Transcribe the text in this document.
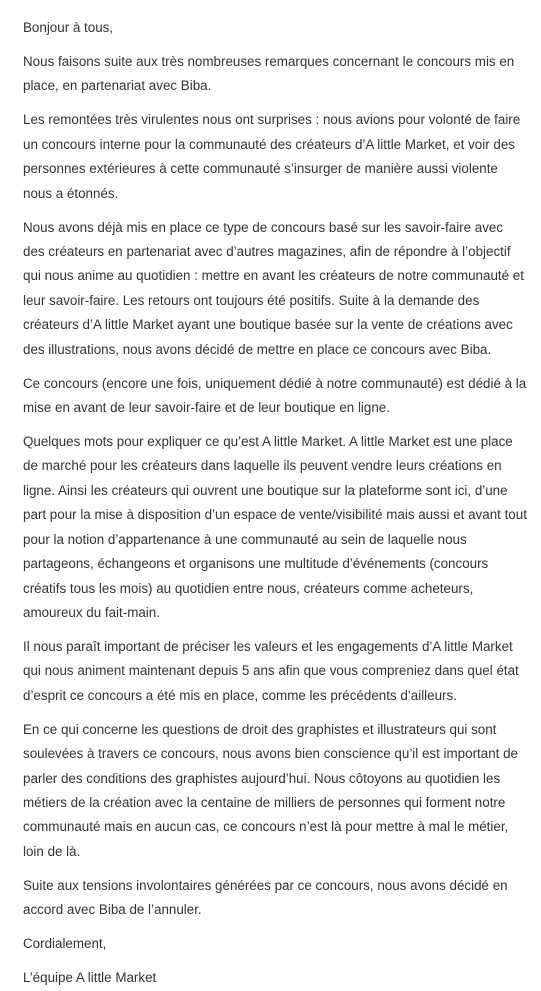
Bonjour à tous,

Nous faisons suite aux très nombreuses remarques concernant le concours mis en place, en partenariat avec Biba.

Les remontées très virulentes nous ont surprises : nous avions pour volonté de faire un concours interne pour la communauté des créateurs d’A little Market, et voir des personnes extérieures à cette communauté s’insurger de manière aussi violente nous a étonnés.

Nous avons déjà mis en place ce type de concours basé sur les savoir-faire avec des créateurs en partenariat avec d’autres magazines, afin de répondre à l’objectif qui nous anime au quotidien : mettre en avant les créateurs de notre communauté et leur savoir-faire. Les retours ont toujours été positifs. Suite à la demande des créateurs d’A little Market ayant une boutique basée sur la vente de créations avec des illustrations, nous avons décidé de mettre en place ce concours avec Biba.

Ce concours (encore une fois, uniquement dédié à notre communauté) est dédié à la mise en avant de leur savoir-faire et de leur boutique en ligne.

Quelques mots pour expliquer ce qu’est A little Market. A little Market est une place de marché pour les créateurs dans laquelle ils peuvent vendre leurs créations en ligne. Ainsi les créateurs qui ouvrent une boutique sur la plateforme sont ici, d’une part pour la mise à disposition d’un espace de vente/visibilité mais aussi et avant tout pour la notion d’appartenance à une communauté au sein de laquelle nous partageons, échangeons et organisons une multitude d’événements (concours créatifs tous les mois) au quotidien entre nous, créateurs comme acheteurs, amoureux du fait-main.

Il nous paraît important de préciser les valeurs et les engagements d’A little Market qui nous animent maintenant depuis 5 ans afin que vous compreniez dans quel état d’esprit ce concours a été mis en place, comme les précédents d’ailleurs.

En ce qui concerne les questions de droit des graphistes et illustrateurs qui sont soulevées à travers ce concours, nous avons bien conscience qu’il est important de parler des conditions des graphistes aujourd’hui. Nous côtoyons au quotidien les métiers de la création avec la centaine de milliers de personnes qui forment notre communauté mais en aucun cas, ce concours n’est là pour mettre à mal le métier, loin de là.

Suite aux tensions involontaires générées par ce concours, nous avons décidé en accord avec Biba de l’annuler.

Cordialement,

L’équipe A little Market
